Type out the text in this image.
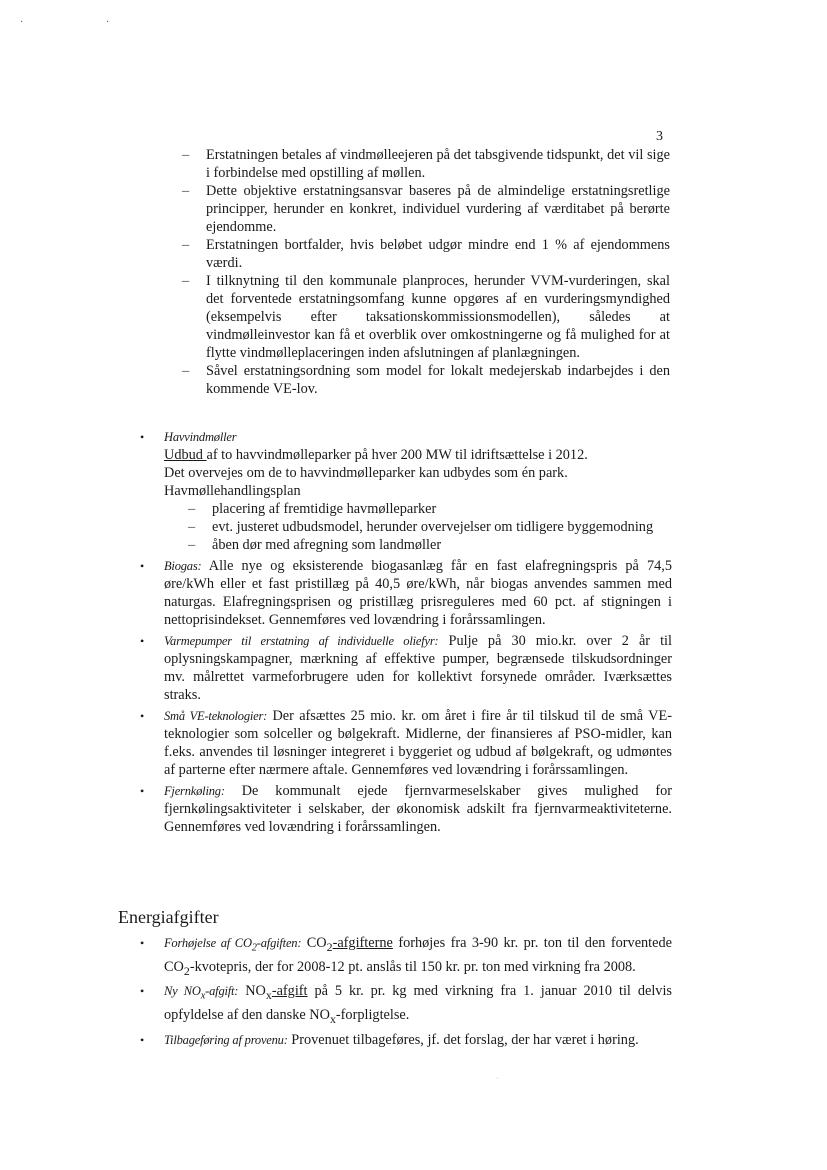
· ·
3
– Erstatningen betales af vindmølleejeren på det tabsgivende tidspunkt, det vil sige i forbindelse med opstilling af møllen.
– Dette objektive erstatningsansvar baseres på de almindelige erstatningsretlige principper, herunder en konkret, individuel vurdering af værditabet på berørte ejendomme.
– Erstatningen bortfalder, hvis beløbet udgør mindre end 1 % af ejendommens værdi.
– I tilknytning til den kommunale planproces, herunder VVM-vurderingen, skal det forventede erstatningsomfang kunne opgøres af en vurderingsmyndighed (eksempelvis efter taksationskommissionsmodellen), således at vindmølleinvestor kan få et overblik over omkostningerne og få mulighed for at flytte vindmølleplaceringen inden afslutningen af planlægningen.
– Såvel erstatningsordning som model for lokalt medejerskab indarbejdes i den kommende VE-lov.
• Havvindmøller
Udbud af to havvindmølleparker på hver 200 MW til idriftsættelse i 2012.
Det overvejes om de to havvindmølleparker kan udbydes som én park.
Havmøllehandlingsplan
– placering af fremtidige havmølleparker
– evt. justeret udbudsmodel, herunder overvejelser om tidligere byggemodning
– åben dør med afregning som landmøller
• Biogas: Alle nye og eksisterende biogasanlæg får en fast elafregningspris på 74,5 øre/kWh eller et fast pristillæg på 40,5 øre/kWh, når biogas anvendes sammen med naturgas. Elafregningsprisen og pristillæg prisreguleres med 60 pct. af stigningen i nettoprisindekset. Gennemføres ved lovændring i forårssamlingen.
• Varmepumper til erstatning af individuelle oliefyr: Pulje på 30 mio.kr. over 2 år til oplysningskampagner, mærkning af effektive pumper, begrænsede tilskudsordninger mv. målrettet varmeforbrugere uden for kollektivt forsynede områder. Iværksættes straks.
• Små VE-teknologier: Der afsættes 25 mio. kr. om året i fire år til tilskud til de små VE-teknologier som solceller og bølgekraft. Midlerne, der finansieres af PSO-midler, kan f.eks. anvendes til løsninger integreret i byggeriet og udbud af bølgekraft, og udmøntes af parterne efter nærmere aftale. Gennemføres ved lovændring i forårssamlingen.
• Fjernkøling: De kommunalt ejede fjernvarmeselskaber gives mulighed for fjernkølingsaktiviteter i selskaber, der økonomisk adskilt fra fjernvarmeaktiviteterne. Gennemføres ved lovændring i forårssamlingen.
Energiafgifter
• Forhøjelse af $CO_2$-afgiften: $CO_2$-afgifterne forhøjes fra 3-90 kr. pr. ton til den forventede $CO_2$-kvotepris, der for 2008-12 pt. anslås til 150 kr. pr. ton med virkning fra 2008.
• Ny $NO_x$-afgift: $NO_x$-afgift på 5 kr. pr. kg med virkning fra 1. januar 2010 til delvis opfyldelse af den danske $NO_x$-forpligtelse.
• Tilbageføring af provenu: Provenuet tilbageføres, jf. det forslag, der har været i høring.
·
